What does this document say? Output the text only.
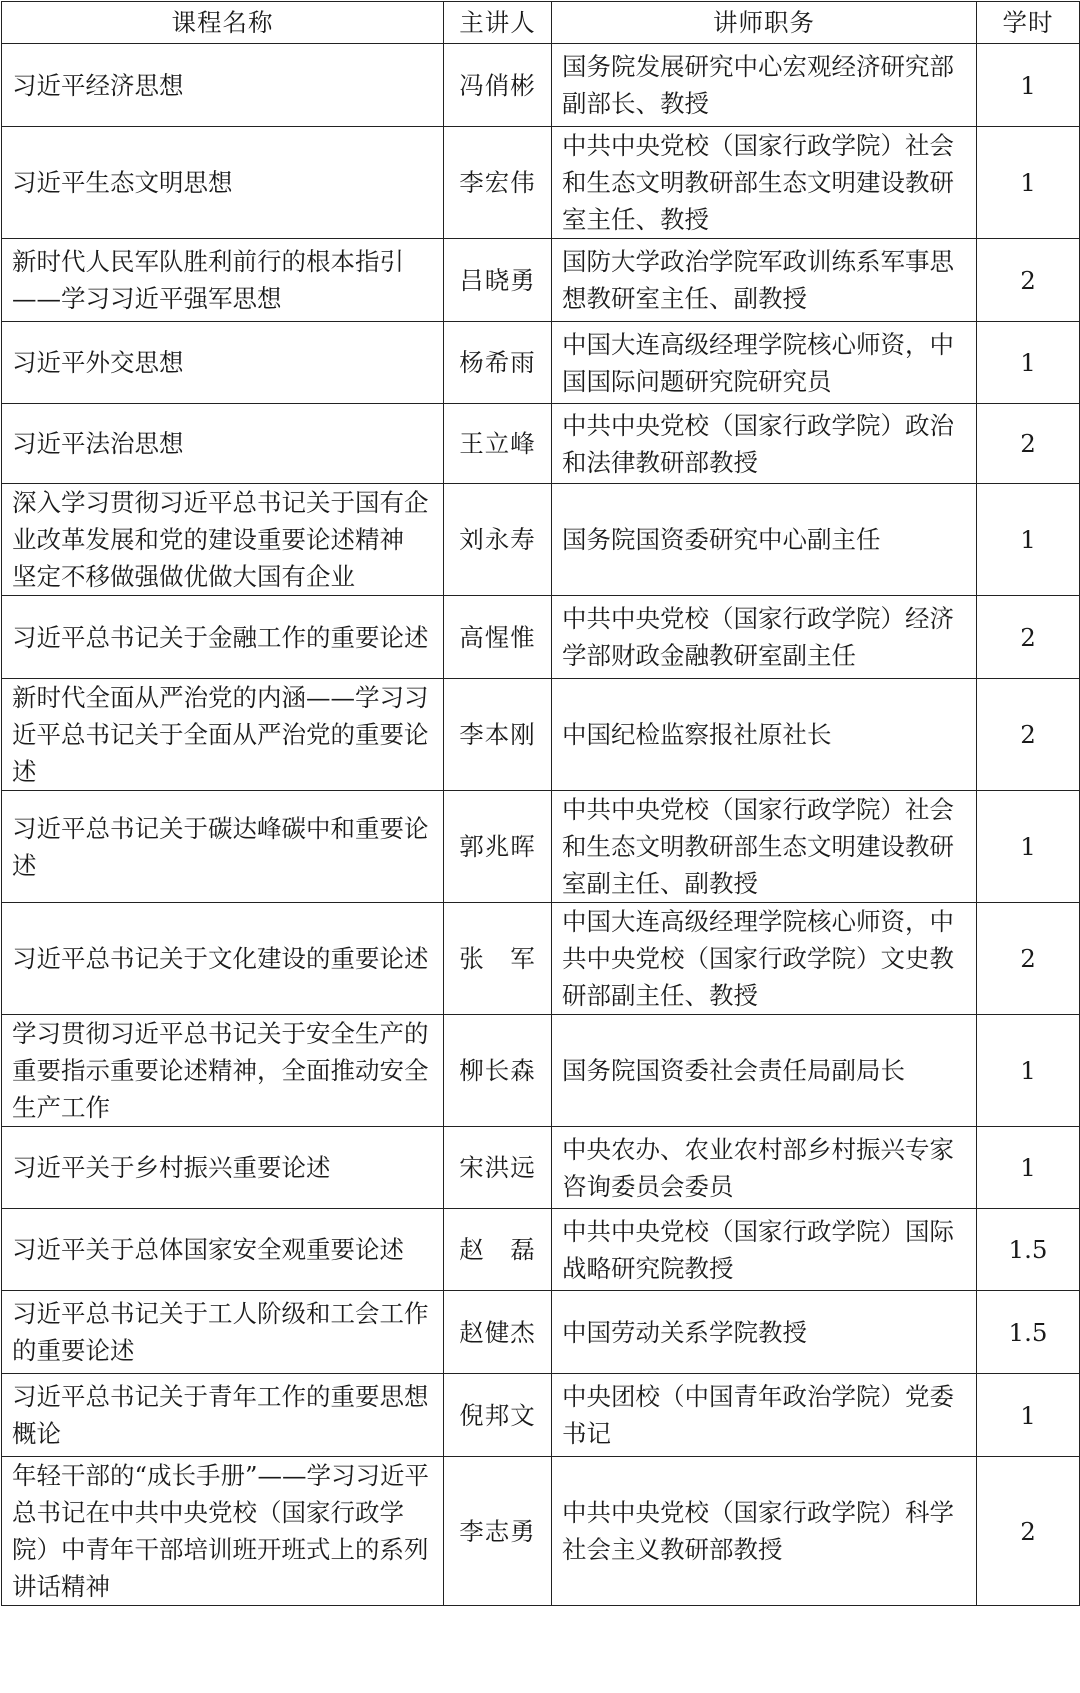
课程名称	主讲人	讲师职务	学时
习近平经济思想	冯俏彬	国务院发展研究中心宏观经济研究部副部长、教授	1
习近平生态文明思想	李宏伟	中共中央党校（国家行政学院）社会和生态文明教研部生态文明建设教研室主任、教授	1
新时代人民军队胜利前行的根本指引——学习习近平强军思想	吕晓勇	国防大学政治学院军政训练系军事思想教研室主任、副教授	2
习近平外交思想	杨希雨	中国大连高级经理学院核心师资，中国国际问题研究院研究员	1
习近平法治思想	王立峰	中共中央党校（国家行政学院）政治和法律教研部教授	2
深入学习贯彻习近平总书记关于国有企业改革发展和党的建设重要论述精神 坚定不移做强做优做大国有企业	刘永寿	国务院国资委研究中心副主任	1
习近平总书记关于金融工作的重要论述	高惺惟	中共中央党校（国家行政学院）经济学部财政金融教研室副主任	2
新时代全面从严治党的内涵——学习习近平总书记关于全面从严治党的重要论述	李本刚	中国纪检监察报社原社长	2
习近平总书记关于碳达峰碳中和重要论述	郭兆晖	中共中央党校（国家行政学院）社会和生态文明教研部生态文明建设教研室副主任、副教授	1
习近平总书记关于文化建设的重要论述	张　军	中国大连高级经理学院核心师资，中共中央党校（国家行政学院）文史教研部副主任、教授	2
学习贯彻习近平总书记关于安全生产的重要指示重要论述精神，全面推动安全生产工作	柳长森	国务院国资委社会责任局副局长	1
习近平关于乡村振兴重要论述	宋洪远	中央农办、农业农村部乡村振兴专家咨询委员会委员	1
习近平关于总体国家安全观重要论述	赵　磊	中共中央党校（国家行政学院）国际战略研究院教授	1.5
习近平总书记关于工人阶级和工会工作的重要论述	赵健杰	中国劳动关系学院教授	1.5
习近平总书记关于青年工作的重要思想概论	倪邦文	中央团校（中国青年政治学院）党委书记	1
年轻干部的“成长手册”——学习习近平总书记在中共中央党校（国家行政学院）中青年干部培训班开班式上的系列讲话精神	李志勇	中共中央党校（国家行政学院）科学社会主义教研部教授	2
